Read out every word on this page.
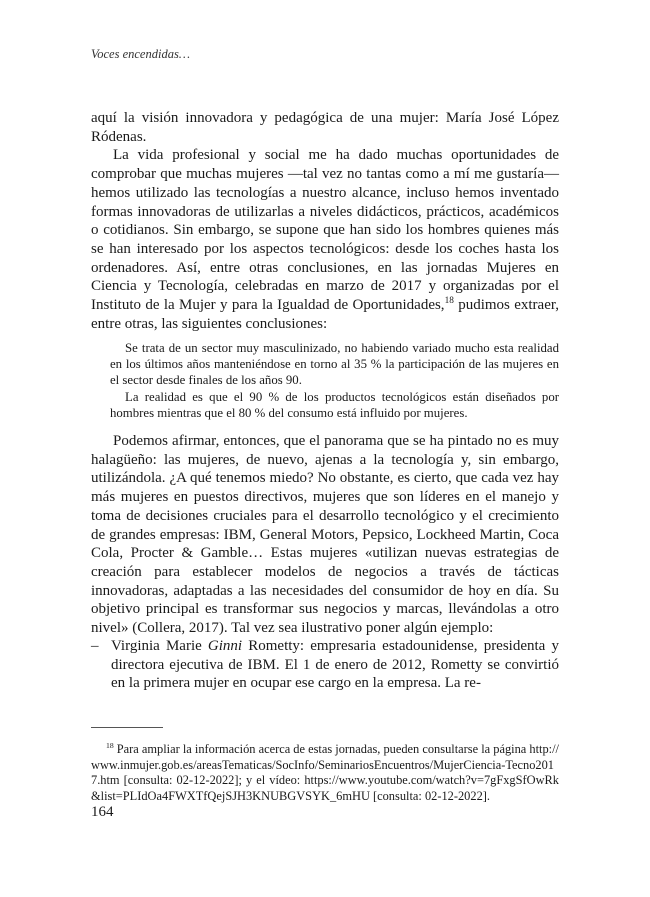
Voces encendidas…

aquí la visión innovadora y pedagógica de una mujer: María José López Ródenas.

La vida profesional y social me ha dado muchas oportunidades de comprobar que muchas mujeres —tal vez no tantas como a mí me gustaría— hemos utilizado las tecnologías a nuestro alcance, incluso hemos inventado formas innovadoras de utilizarlas a niveles didácticos, prácticos, académicos o cotidianos. Sin embargo, se supone que han sido los hombres quienes más se han interesado por los aspectos tecnológicos: desde los coches hasta los ordenadores. Así, entre otras conclusiones, en las jornadas Mujeres en Ciencia y Tecnología, celebradas en marzo de 2017 y organizadas por el Instituto de la Mujer y para la Igualdad de Oportunidades,$^{18}$ pudimos extraer, entre otras, las siguientes conclusiones:

Se trata de un sector muy masculinizado, no habiendo variado mucho esta realidad en los últimos años manteniéndose en torno al 35 % la participación de las mujeres en el sector desde finales de los años 90.

La realidad es que el 90 % de los productos tecnológicos están diseñados por hombres mientras que el 80 % del consumo está influido por mujeres.

Podemos afirmar, entonces, que el panorama que se ha pintado no es muy halagüeño: las mujeres, de nuevo, ajenas a la tecnología y, sin embargo, utilizándola. ¿A qué tenemos miedo? No obstante, es cierto, que cada vez hay más mujeres en puestos directivos, mujeres que son líderes en el manejo y toma de decisiones cruciales para el desarrollo tecnológico y el crecimiento de grandes empresas: IBM, General Motors, Pepsico, Lockheed Martin, Coca Cola, Procter & Gamble… Estas mujeres «utilizan nuevas estrategias de creación para establecer modelos de negocios a través de tácticas innovadoras, adaptadas a las necesidades del consumidor de hoy en día. Su objetivo principal es transformar sus negocios y marcas, llevándolas a otro nivel» (Collera, 2017). Tal vez sea ilustrativo poner algún ejemplo:

– Virginia Marie Ginni Rometty: empresaria estadounidense, presidenta y directora ejecutiva de IBM. El 1 de enero de 2012, Rometty se convirtió en la primera mujer en ocupar ese cargo en la empresa. La re-

$^{18}$ Para ampliar la información acerca de estas jornadas, pueden consultarse la página http://www.inmujer.gob.es/areasTematicas/SocInfo/SeminariosEncuentros/MujerCiencia-Tecno2017.htm [consulta: 02-12-2022]; y el vídeo: https://www.youtube.com/watch?v=7gFxgSfOwRk&list=PLIdOa4FWXTfQejSJH3KNUBGVSYK_6mHU [consulta: 02-12-2022].

164
